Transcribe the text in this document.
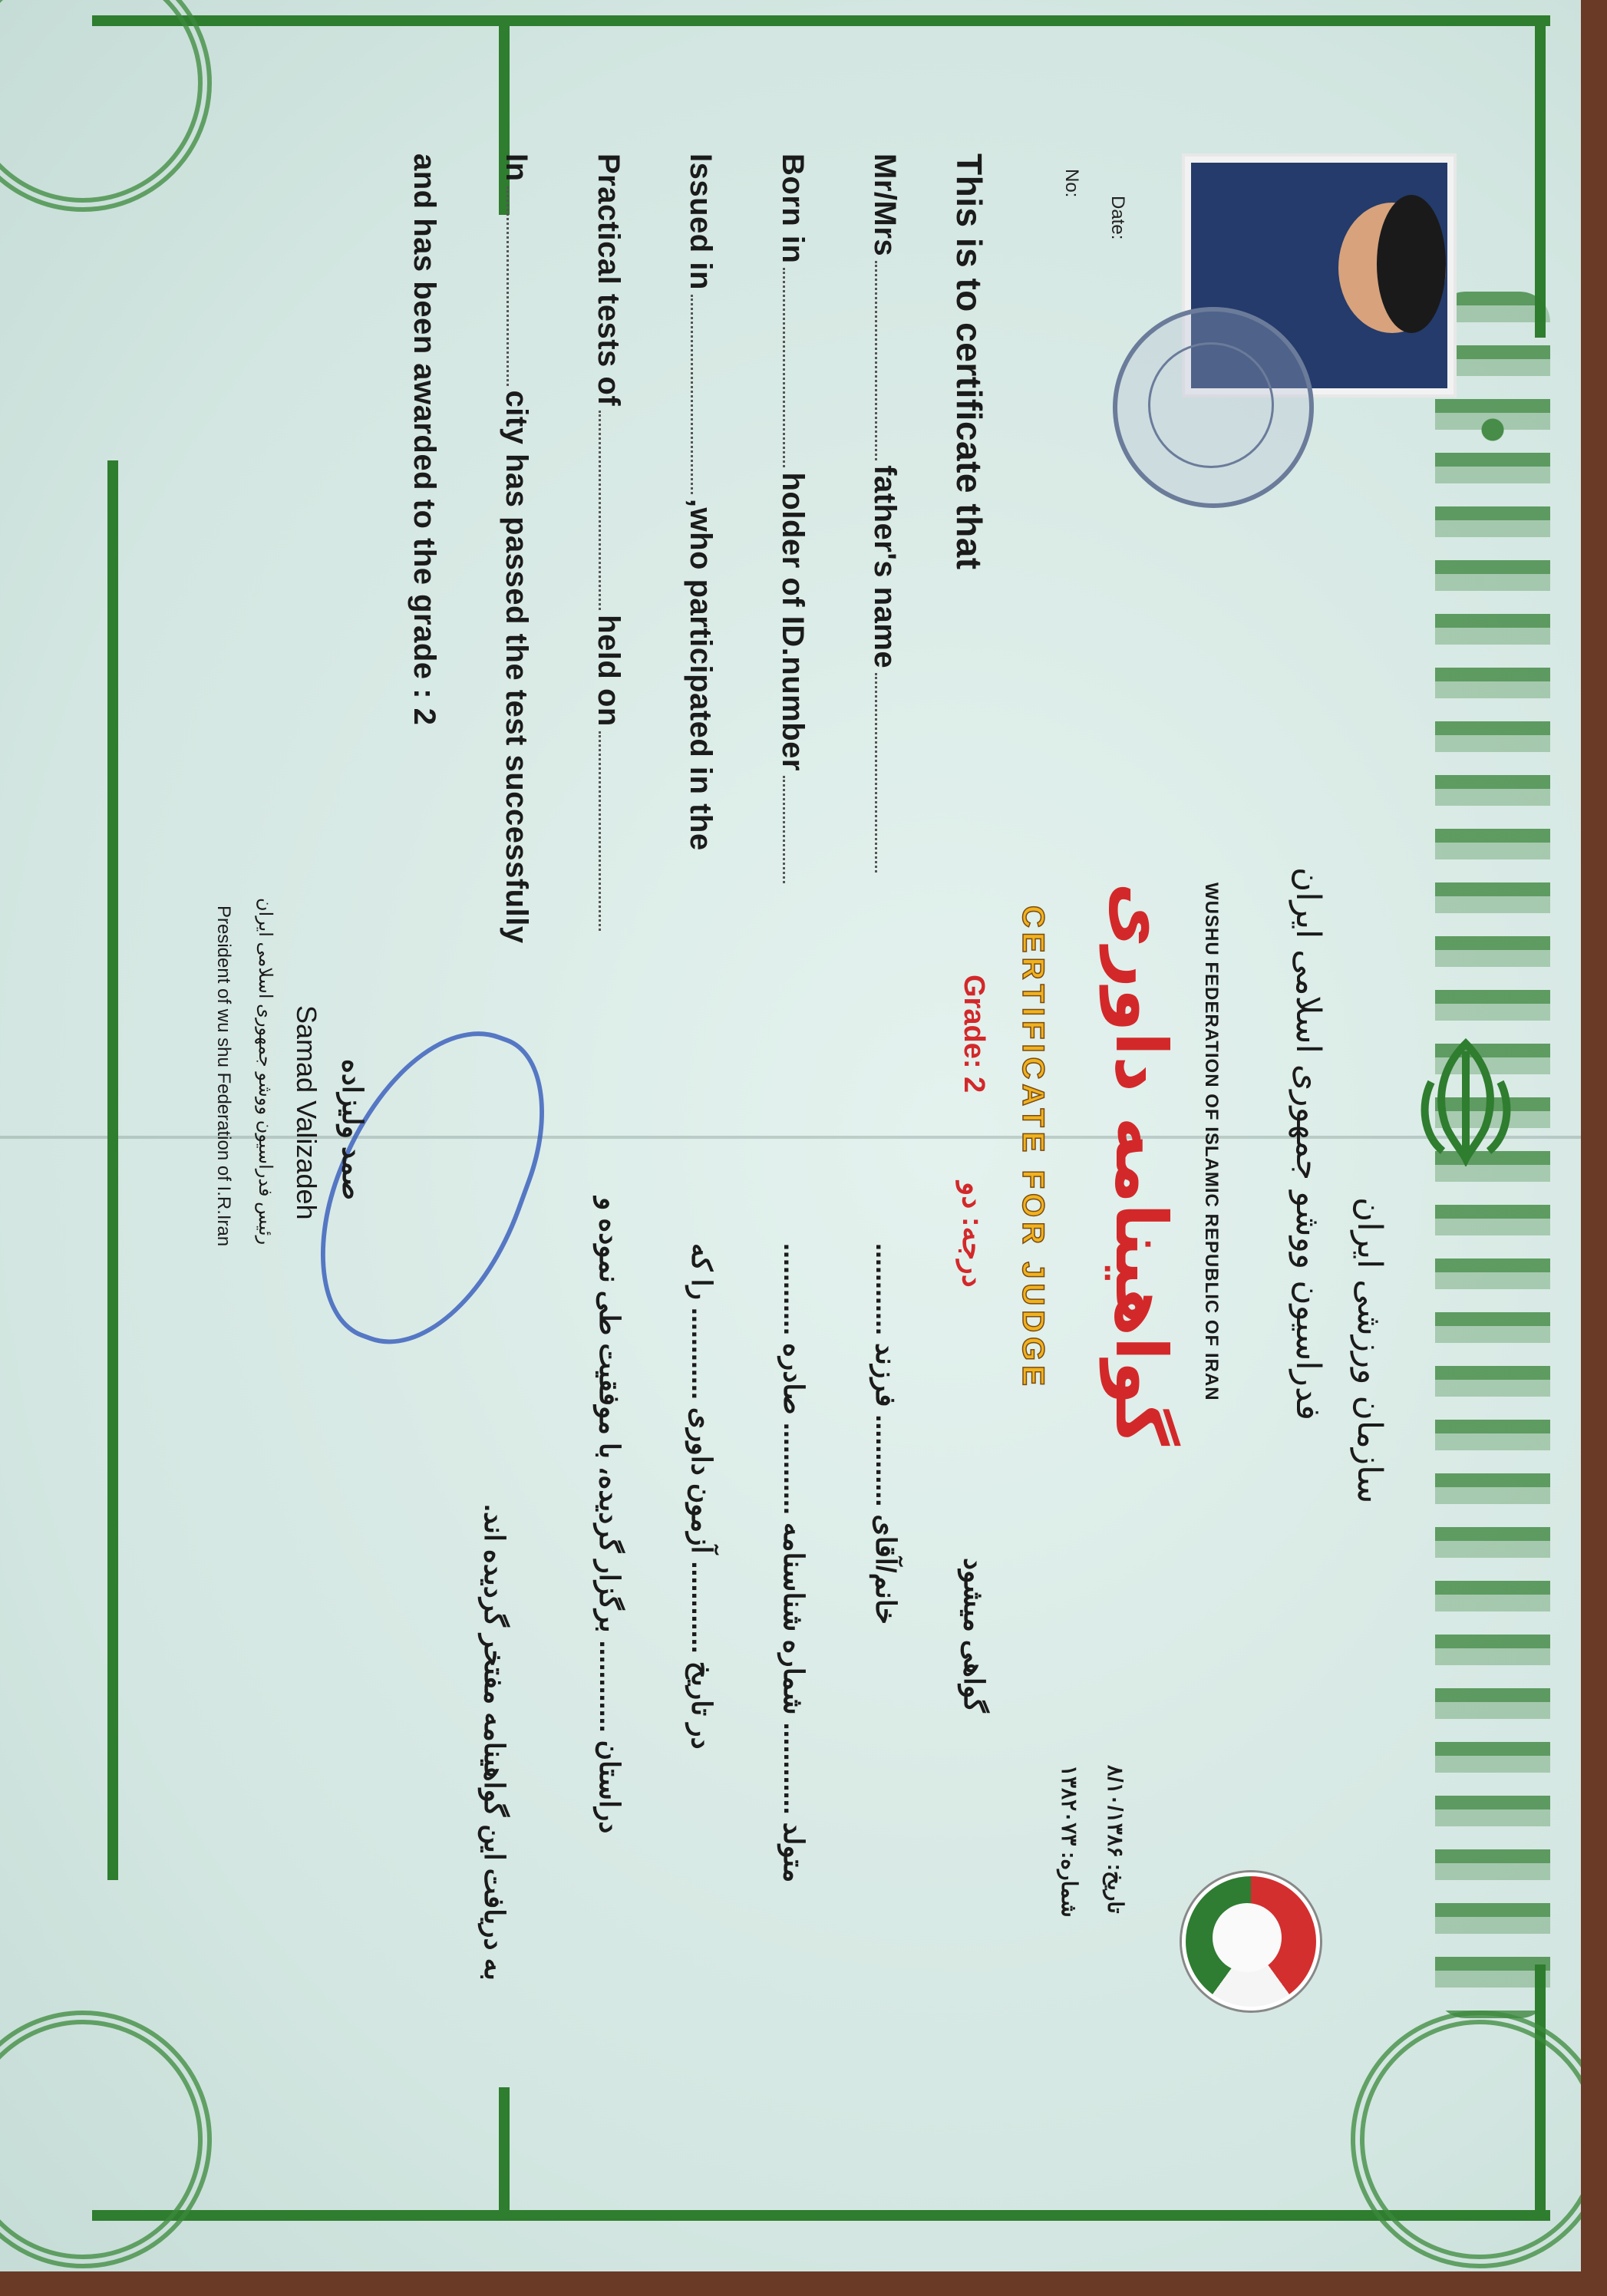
سازمان ورزشی ایران
فدراسیون ووشو جمهوری اسلامی ایران
WUSHU FEDERATION OF ISLAMIC REPUBLIC OF IRAN
گواهینامه داوری
CERTIFICATE FOR JUDGE
Grade: 2
درجه: دو
Date:
No:
تاریخ: ۸/۱۰/۱۳۸۶
شماره: ۱۳۸۲۰۷۳
This is to certificate that
Mr/Mrsfather's name
Born inholder of ID.number
Issued in,who participated in the
Practical tests ofheld on
Incity has passed the test successfully
and has been awarded to the grade : 2
گواهی میشود
خانم/آقای ............ فرزند ............
متولد ............ شماره شناسنامه ............ صادره ............
در تاریخ ............ آزمون داوری ............ را که
دراستان ............ برگزار گردیده، با موفقیت طی نموده و
به دریافت این گواهینامه مفتخر گردیده اند.
صمد ولیزاده
Samad Valizadeh
رئیس فدراسیون ووشو جمهوری اسلامی ایران
President of wu shu Federation of I.R.Iran
